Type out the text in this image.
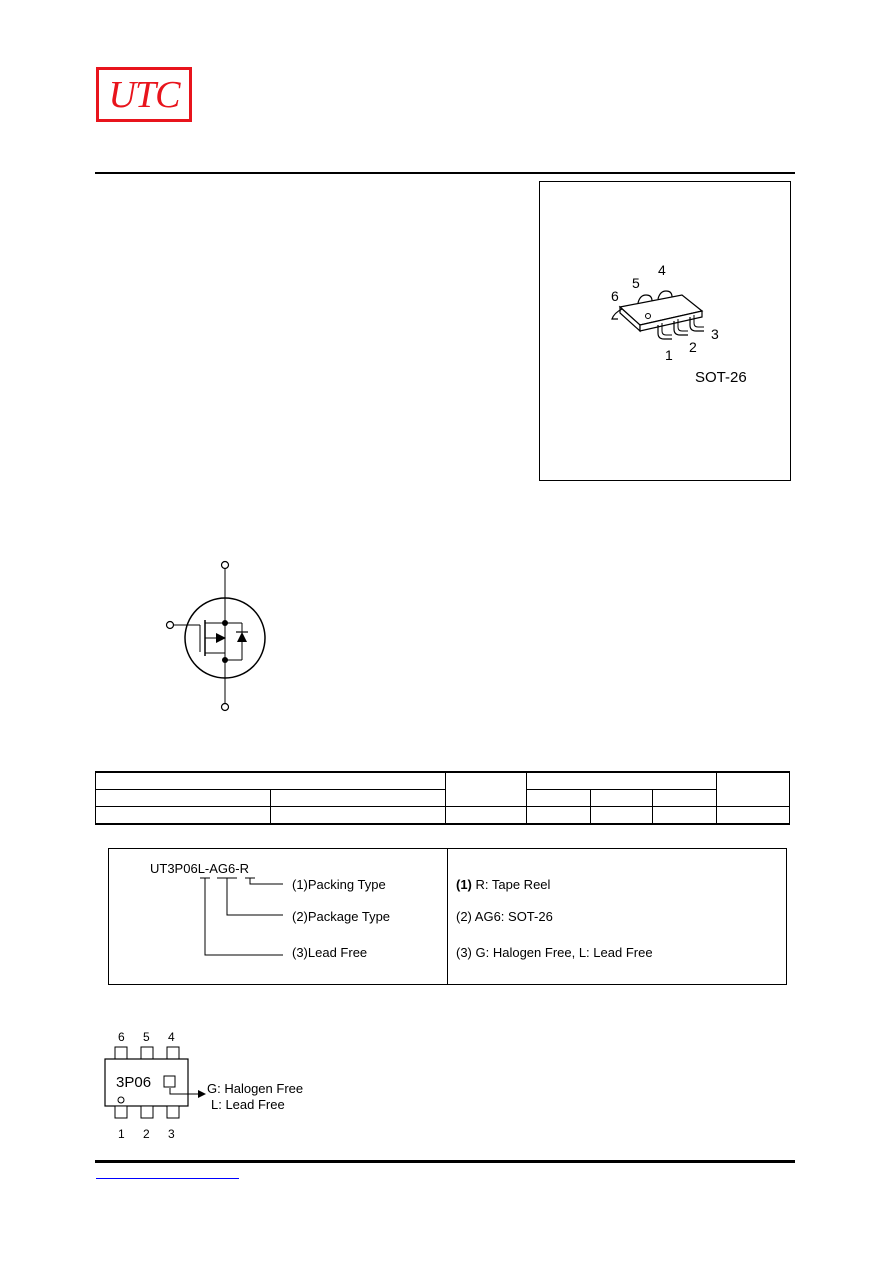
UTC
6
5
4
1 2
3
SOT-26

UT3P06L-AG6-R
(1)Packing Type
(2)Package Type
(3)Lead Free
(1) R: Tape Reel
(2) AG6: SOT-26
(3) G: Halogen Free, L: Lead Free
3P06
6 5 4
1 2 3
G: Halogen Free
L: Lead Free
